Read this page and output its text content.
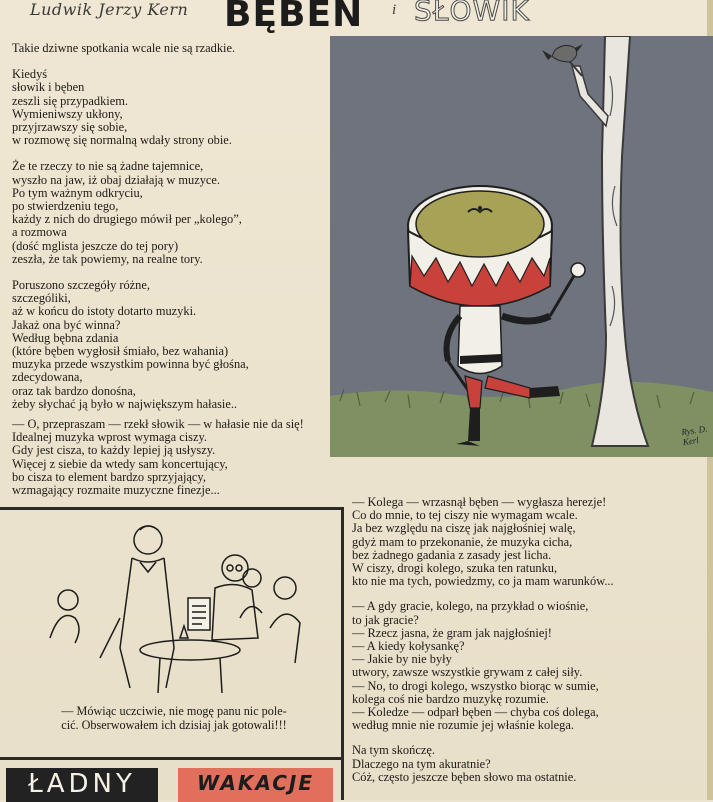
Ludwik Jerzy Kern BĘBEN i SŁOWIK
Rys. D. Kerl
Takie dziwne spotkania wcale nie są rzadkie.
Kiedyś
słowik i bęben
zeszli się przypadkiem.
Wymieniwszy ukłony,
przyjrzawszy się sobie,
w rozmowę się normalną wdały strony obie.
Że te rzeczy to nie są żadne tajemnice,
wyszło na jaw, iż obaj działają w muzyce.
Po tym ważnym odkryciu,
po stwierdzeniu tego,
każdy z nich do drugiego mówił per „kolego”,
a rozmowa
(dość mglista jeszcze do tej pory)
zeszła, że tak powiemy, na realne tory.
Poruszono szczegóły różne,
szczególiki,
aż w końcu do istoty dotarto muzyki.
Jakaż ona być winna?
Według bębna zdania
(które bęben wygłosił śmiało, bez wahania)
muzyka przede wszystkim powinna być głośna,
zdecydowana,
oraz tak bardzo donośna,
żeby słychać ją było w największym hałasie..
— O, przepraszam — rzekł słowik — w hałasie nie da się!
Idealnej muzyka wprost wymaga ciszy.
Gdy jest cisza, to każdy lepiej ją usłyszy.
Więcej z siebie da wtedy sam koncertujący,
bo cisza to element bardzo sprzyjający,
wzmagający rozmaite muzyczne finezje...
— Mówiąc uczciwie, nie mogę panu nic pole-
cić. Obserwowałem ich dzisiaj jak gotowali!!!
— Kolega — wrzasnął bęben — wygłasza herezje!
Co do mnie, to tej ciszy nie wymagam wcale.
Ja bez względu na ciszę jak najgłośniej walę,
gdyż mam to przekonanie, że muzyka cicha,
bez żadnego gadania z zasady jest licha.
W ciszy, drogi kolego, szuka ten ratunku,
kto nie ma tych, powiedzmy, co ja mam warunków...
— A gdy gracie, kolego, na przykład o wiośnie,
to jak gracie?
— Rzecz jasna, że gram jak najgłośniej!
— A kiedy kołysankę?
— Jakie by nie były
utwory, zawsze wszystkie grywam z całej siły.
— No, to drogi kolego, wszystko biorąc w sumie,
kolega coś nie bardzo muzykę rozumie.
— Koledze — odparł bęben — chyba coś dolega,
według mnie nie rozumie jej właśnie kolega.
Na tym skończę.
Dlaczego na tym akuratnie?
Cóż, często jeszcze bęben słowo ma ostatnie.
ŁADNY	WAKACJE
